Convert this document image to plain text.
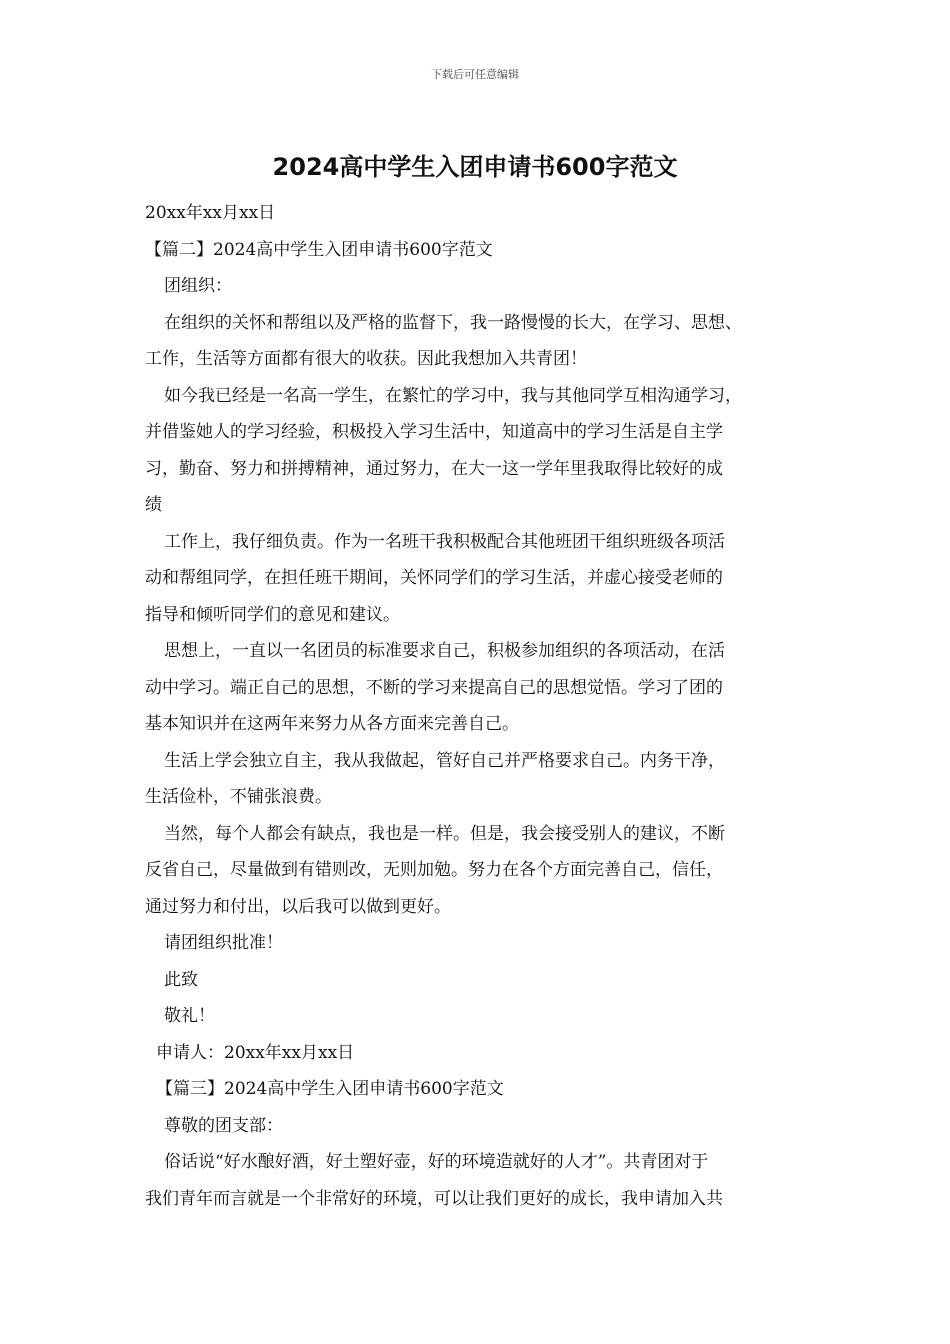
下载后可任意编辑
2024高中学生入团申请书600字范文

20xx年xx月xx日

【篇二】2024高中学生入团申请书600字范文

团组织：

在组织的关怀和帮组以及严格的监督下，我一路慢慢的长大，在学习、思想、
工作，生活等方面都有很大的收获。因此我想加入共青团！

如今我已经是一名高一学生，在繁忙的学习中，我与其他同学互相沟通学习，
并借鉴她人的学习经验，积极投入学习生活中，知道高中的学习生活是自主学
习，勤奋、努力和拼搏精神，通过努力，在大一这一学年里我取得比较好的成
绩

工作上，我仔细负责。作为一名班干我积极配合其他班团干组织班级各项活
动和帮组同学，在担任班干期间，关怀同学们的学习生活，并虚心接受老师的
指导和倾听同学们的意见和建议。

思想上，一直以一名团员的标准要求自己，积极参加组织的各项活动，在活
动中学习。端正自己的思想，不断的学习来提高自己的思想觉悟。学习了团的
基本知识并在这两年来努力从各方面来完善自己。

生活上学会独立自主，我从我做起，管好自己并严格要求自己。内务干净，
生活俭朴，不铺张浪费。

当然，每个人都会有缺点，我也是一样。但是，我会接受别人的建议，不断
反省自己，尽量做到有错则改，无则加勉。努力在各个方面完善自己，信任，
通过努力和付出，以后我可以做到更好。

请团组织批准！

此致

敬礼！

申请人：20xx年xx月xx日

【篇三】2024高中学生入团申请书600字范文

尊敬的团支部：

俗话说“好水酿好酒，好土塑好壶，好的环境造就好的人才”。共青团对于
我们青年而言就是一个非常好的环境，可以让我们更好的成长，我申请加入共
